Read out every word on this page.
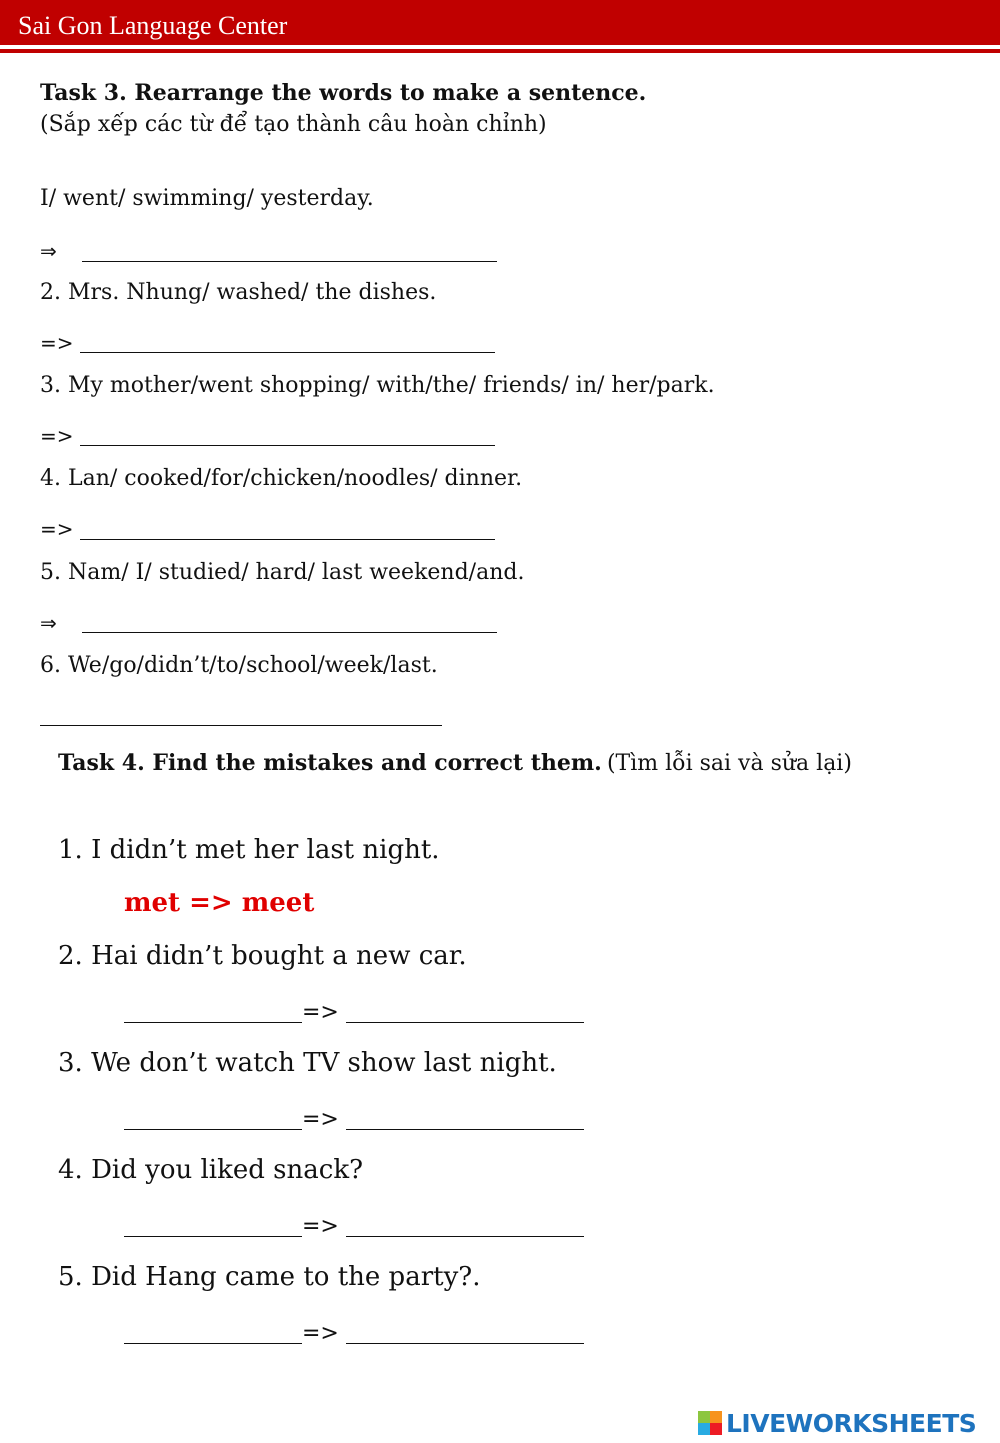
Sai Gon Language Center
Task 3. Rearrange the words to make a sentence.
(Sắp xếp các từ để tạo thành câu hoàn chỉnh)
I/ went/ swimming/ yesterday.
⇒
2. Mrs. Nhung/ washed/ the dishes.
=>
3. My mother/went shopping/ with/the/ friends/ in/ her/park.
=>
4. Lan/ cooked/for/chicken/noodles/ dinner.
=>
5. Nam/ I/ studied/ hard/ last weekend/and.
⇒
6. We/go/didn’t/to/school/week/last.
Task 4. Find the mistakes and correct them. (Tìm lỗi sai và sửa lại)
1. I didn’t met her last night.
met => meet
2. Hai didn’t bought a new car.
=>
3. We don’t watch TV show last night.
=>
4. Did you liked snack?
=>
5. Did Hang came to the party?.
=>
LIVEWORKSHEETS
